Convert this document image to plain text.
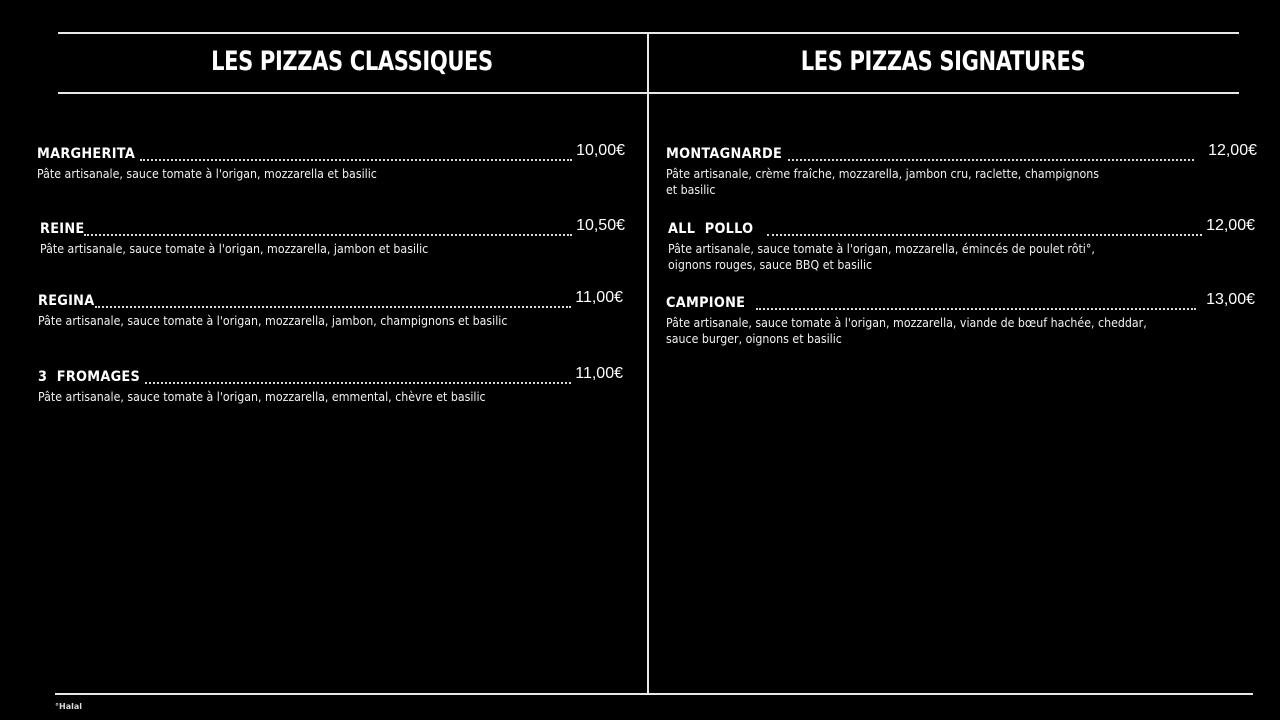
LES PIZZAS CLASSIQUES	LES PIZZAS SIGNATURES
MARGHERITA	10,00€
Pâte artisanale, sauce tomate à l'origan, mozzarella et basilic
REINE	10,50€
Pâte artisanale, sauce tomate à l'origan, mozzarella, jambon et basilic
REGINA	11,00€
Pâte artisanale, sauce tomate à l'origan, mozzarella, jambon, champignons et basilic
3  FROMAGES	11,00€
Pâte artisanale, sauce tomate à l'origan, mozzarella, emmental, chèvre et basilic
MONTAGNARDE	12,00€
Pâte artisanale, crème fraîche, mozzarella, jambon cru, raclette, champignons
et basilic
ALL  POLLO	12,00€
Pâte artisanale, sauce tomate à l'origan, mozzarella, émincés de poulet rôti°,
oignons rouges, sauce BBQ et basilic
CAMPIONE	13,00€
Pâte artisanale, sauce tomate à l'origan, mozzarella, viande de bœuf hachée, cheddar,
sauce burger, oignons et basilic
°Halal
